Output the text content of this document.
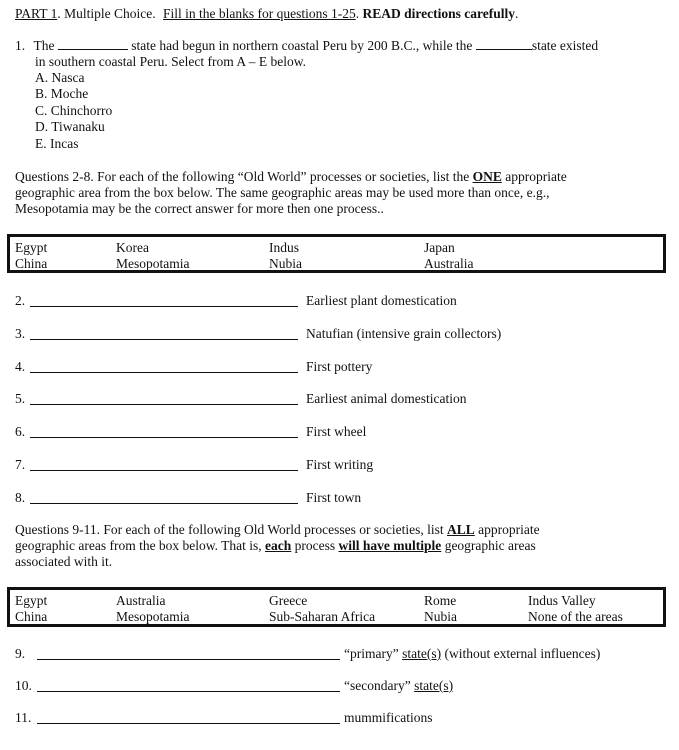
PART 1. Multiple Choice. Fill in the blanks for questions 1-25. READ directions carefully.
1. The	state had begun in northern coastal Peru by 200 B.C., while the	state existed
in southern coastal Peru. Select from A – E below.
A. Nasca
B. Moche
C. Chinchorro
D. Tiwanaku
E. Incas
Questions 2-8. For each of the following “Old World” processes or societies, list the ONE appropriate
geographic area from the box below. The same geographic areas may be used more than once, e.g.,
Mesopotamia may be the correct answer for more then one process..
Egypt	Korea	Indus	Japan
China	Mesopotamia	Nubia	Australia
2.	Earliest plant domestication
3.	Natufian (intensive grain collectors)
4.	First pottery
5.	Earliest animal domestication
6.	First wheel
7.	First writing
8.	First town
Questions 9-11. For each of the following Old World processes or societies, list ALL appropriate
geographic areas from the box below. That is, each process will have multiple geographic areas
associated with it.
Egypt	Australia	Greece	Rome	Indus Valley
China	Mesopotamia	Sub-Saharan Africa	Nubia	None of the areas
9.	“primary” state(s) (without external influences)
10.	“secondary” state(s)
11.	mummifications
